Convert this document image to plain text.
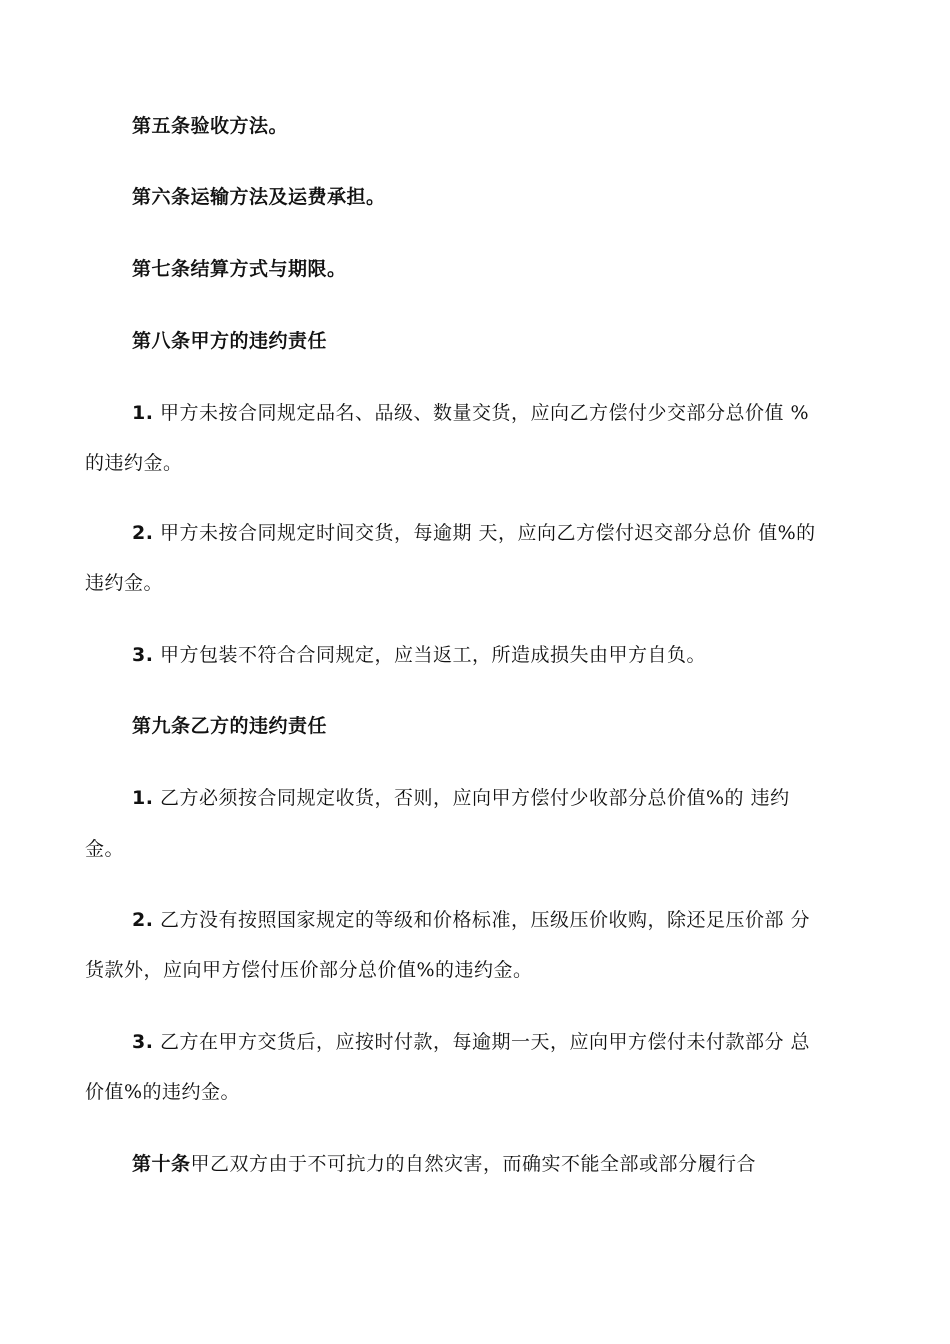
第五条验收方法。
第六条运输方法及运费承担。
第七条结算方式与期限。
第八条甲方的违约责任
1. 甲方未按合同规定品名、品级、数量交货，应向乙方偿付少交部分总价值 %
的违约金。
2. 甲方未按合同规定时间交货，每逾期 天，应向乙方偿付迟交部分总价 值%的
违约金。
3. 甲方包装不符合合同规定，应当返工，所造成损失由甲方自负。
第九条乙方的违约责任
1. 乙方必须按合同规定收货，否则，应向甲方偿付少收部分总价值%的 违约
金。
2. 乙方没有按照国家规定的等级和价格标准，压级压价收购，除还足压价部 分
货款外，应向甲方偿付压价部分总价值%的违约金。
3. 乙方在甲方交货后，应按时付款，每逾期一天，应向甲方偿付未付款部分 总
价值%的违约金。
第十条甲乙双方由于不可抗力的自然灾害，而确实不能全部或部分履行合
